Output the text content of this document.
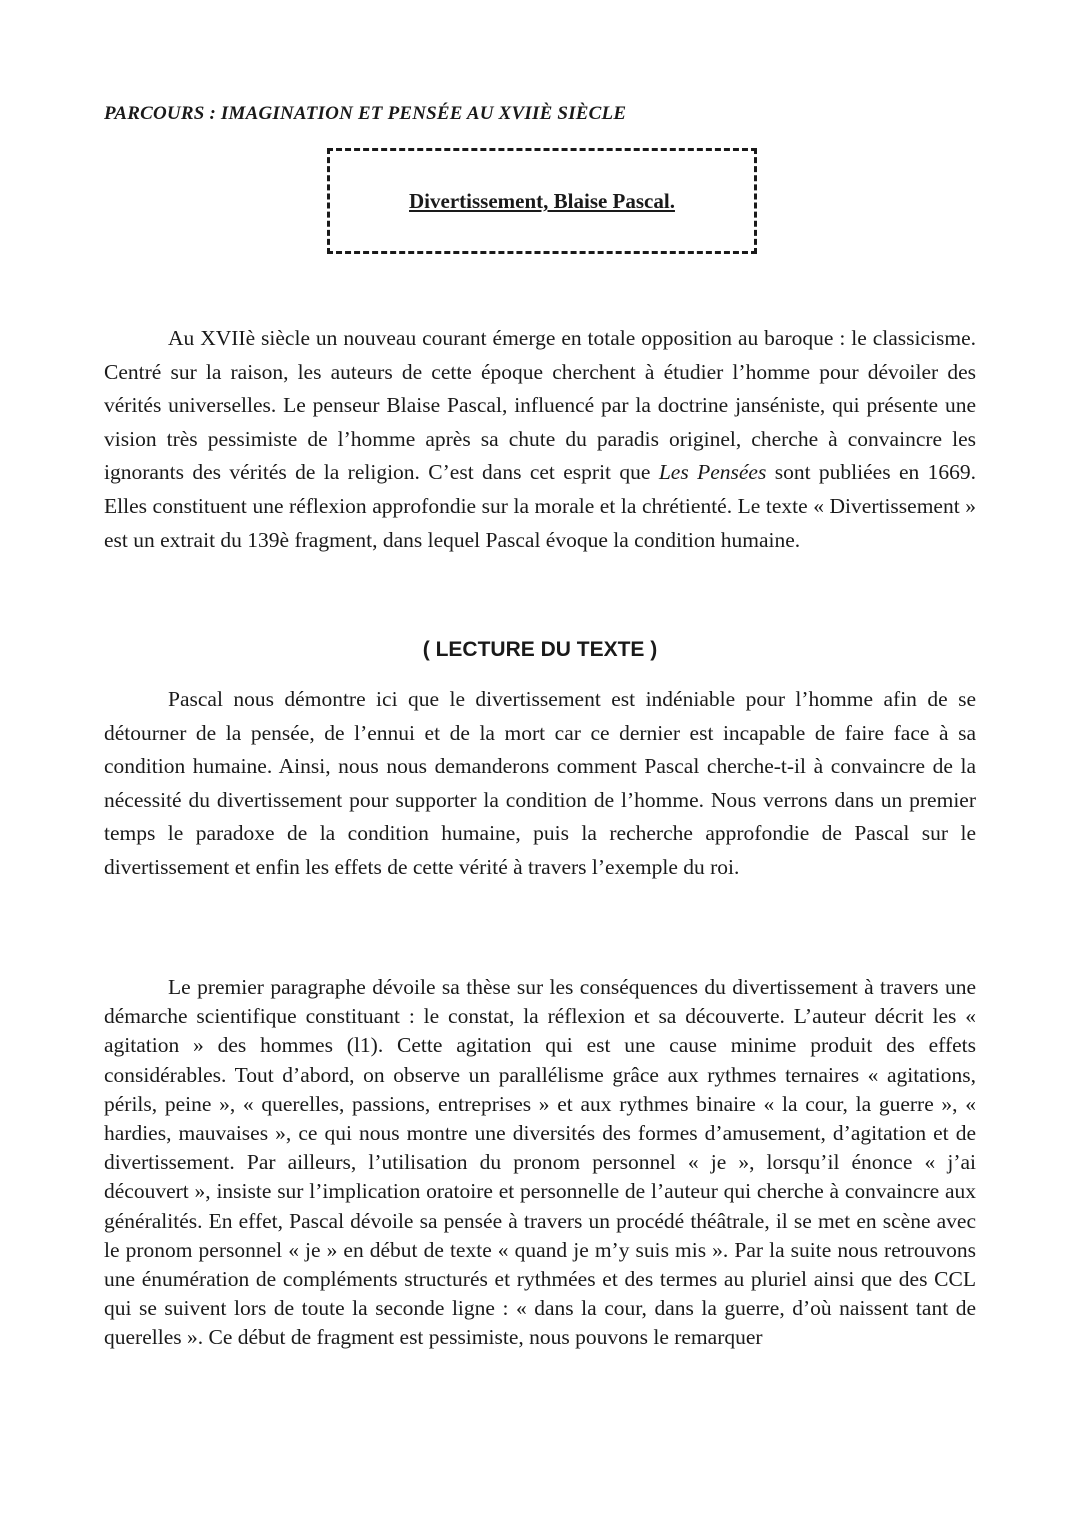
PARCOURS : IMAGINATION ET PENSÉE AU XVIIÈ SIÈCLE
Divertissement, Blaise Pascal.

Au XVIIè siècle un nouveau courant émerge en totale opposition au baroque : le classicisme. Centré sur la raison, les auteurs de cette époque cherchent à étudier l’homme pour dévoiler des vérités universelles. Le penseur Blaise Pascal, influencé par la doctrine janséniste, qui présente une vision très pessimiste de l’homme après sa chute du paradis originel, cherche à convaincre les ignorants des vérités de la religion. C’est dans cet esprit que Les Pensées sont publiées en 1669. Elles constituent une réflexion approfondie sur la morale et la chrétienté. Le texte « Divertissement » est un extrait du 139è fragment, dans lequel Pascal évoque la condition humaine.

( LECTURE DU TEXTE )

Pascal nous démontre ici que le divertissement est indéniable pour l’homme afin de se détourner de la pensée, de l’ennui et de la mort car ce dernier est incapable de faire face à sa condition humaine. Ainsi, nous nous demanderons comment Pascal cherche-t-il à convaincre de la nécessité du divertissement pour supporter la condition de l’homme. Nous verrons dans un premier temps le paradoxe de la condition humaine, puis la recherche approfondie de Pascal sur le divertissement et enfin les effets de cette vérité à travers l’exemple du roi.

Le premier paragraphe dévoile sa thèse sur les conséquences du divertissement à travers une démarche scientifique constituant : le constat, la réflexion et sa découverte. L’auteur décrit les « agitation » des hommes (l1). Cette agitation qui est une cause minime produit des effets considérables. Tout d’abord, on observe un parallélisme grâce aux rythmes ternaires « agitations, périls, peine », « querelles, passions, entreprises » et aux rythmes binaire « la cour, la guerre », « hardies, mauvaises », ce qui nous montre une diversités des formes d’amusement, d’agitation et de divertissement. Par ailleurs, l’utilisation du pronom personnel « je », lorsqu’il énonce « j’ai découvert », insiste sur l’implication oratoire et personnelle de l’auteur qui cherche à convaincre aux généralités. En effet, Pascal dévoile sa pensée à travers un procédé théâtrale, il se met en scène avec le pronom personnel « je » en début de texte « quand je m’y suis mis ». Par la suite nous retrouvons une énumération de compléments structurés et rythmées et des termes au pluriel ainsi que des CCL qui se suivent lors de toute la seconde ligne : « dans la cour, dans la guerre, d’où naissent tant de querelles ». Ce début de fragment est pessimiste, nous pouvons le remarquer
